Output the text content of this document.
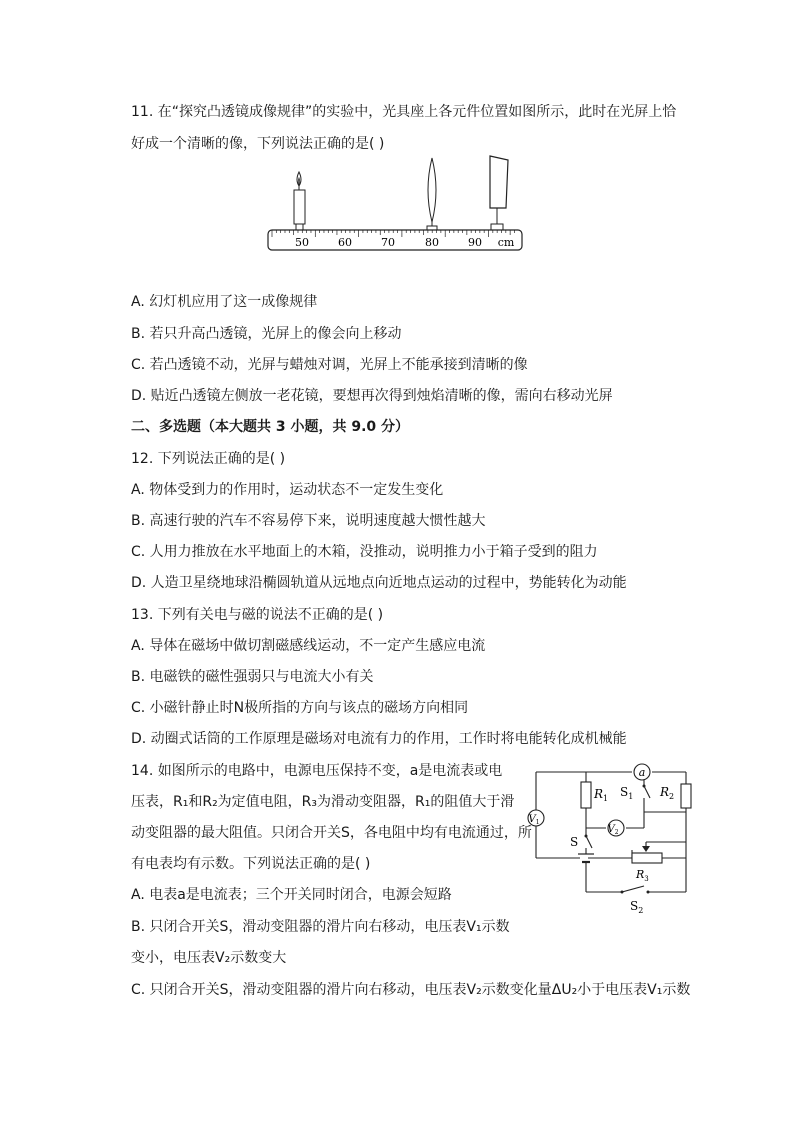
11. 在“探究凸透镜成像规律”的实验中，光具座上各元件位置如图所示，此时在光屏上恰
好成一个清晰的像，下列说法正确的是( )
50	60	70	80	90 cm
A. 幻灯机应用了这一成像规律
B. 若只升高凸透镜，光屏上的像会向上移动
C. 若凸透镜不动，光屏与蜡烛对调，光屏上不能承接到清晰的像
D. 贴近凸透镜左侧放一老花镜，要想再次得到烛焰清晰的像，需向右移动光屏
二、多选题（本大题共 3 小题，共 9.0 分）
12. 下列说法正确的是( )
A. 物体受到力的作用时，运动状态不一定发生变化
B. 高速行驶的汽车不容易停下来，说明速度越大惯性越大
C. 人用力推放在水平地面上的木箱，没推动，说明推力小于箱子受到的阻力
D. 人造卫星绕地球沿椭圆轨道从远地点向近地点运动的过程中，势能转化为动能
13. 下列有关电与磁的说法不正确的是( )
A. 导体在磁场中做切割磁感线运动，不一定产生感应电流
B. 电磁铁的磁性强弱只与电流大小有关
C. 小磁针静止时N极所指的方向与该点的磁场方向相同
D. 动圈式话筒的工作原理是磁场对电流有力的作用，工作时将电能转化成机械能
14. 如图所示的电路中，电源电压保持不变，a是电流表或电
压表，R₁和R₂为定值电阻，R₃为滑动变阻器，R₁的阻值大于滑
动变阻器的最大阻值。只闭合开关S，各电阻中均有电流通过，所
有电表均有示数。下列说法正确的是( )
A. 电表a是电流表；三个开关同时闭合，电源会短路
B. 只闭合开关S，滑动变阻器的滑片向右移动，电压表V₁示数
变小，电压表V₂示数变大
C. 只闭合开关S，滑动变阻器的滑片向右移动，电压表V₂示数变化量ΔU₂小于电压表V₁示数
a
$R_1$	$R_2$
$S_1$
$V_2$
$V_1$
S
$R_3$
$S_2$
